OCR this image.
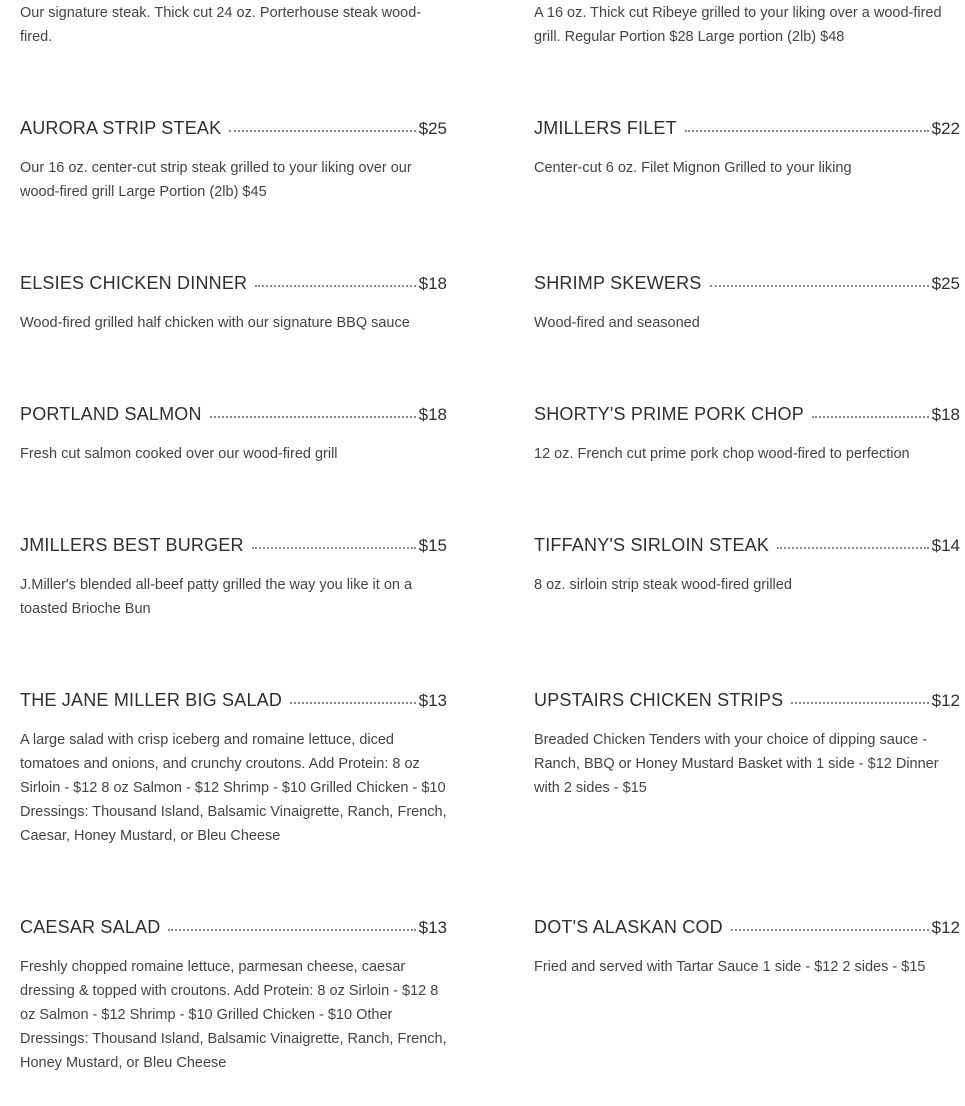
Our signature steak. Thick cut 24 oz. Porterhouse steak wood-fired.
A 16 oz. Thick cut Ribeye grilled to your liking over a wood-fired grill. Regular Portion $28 Large portion (2lb) $48
AURORA STRIP STEAK	$25
Our 16 oz. center-cut strip steak grilled to your liking over our wood-fired grill Large Portion (2lb) $45
JMILLERS FILET	$22
Center-cut 6 oz. Filet Mignon Grilled to your liking
ELSIES CHICKEN DINNER	$18
Wood-fired grilled half chicken with our signature BBQ sauce
SHRIMP SKEWERS	$25
Wood-fired and seasoned
PORTLAND SALMON	$18
Fresh cut salmon cooked over our wood-fired grill
SHORTY'S PRIME PORK CHOP	$18
12 oz. French cut prime pork chop wood-fired to perfection
JMILLERS BEST BURGER	$15
J.Miller's blended all-beef patty grilled the way you like it on a toasted Brioche Bun
TIFFANY'S SIRLOIN STEAK	$14
8 oz. sirloin strip steak wood-fired grilled
THE JANE MILLER BIG SALAD	$13
A large salad with crisp iceberg and romaine lettuce, diced tomatoes and onions, and crunchy croutons. Add Protein: 8 oz Sirloin - $12 8 oz Salmon - $12 Shrimp - $10 Grilled Chicken - $10 Dressings: Thousand Island, Balsamic Vinaigrette, Ranch, French, Caesar, Honey Mustard, or Bleu Cheese
UPSTAIRS CHICKEN STRIPS	$12
Breaded Chicken Tenders with your choice of dipping sauce - Ranch, BBQ or Honey Mustard Basket with 1 side - $12 Dinner with 2 sides - $15
CAESAR SALAD	$13
Freshly chopped romaine lettuce, parmesan cheese, caesar dressing & topped with croutons. Add Protein: 8 oz Sirloin - $12 8 oz Salmon - $12 Shrimp - $10 Grilled Chicken - $10 Other Dressings: Thousand Island, Balsamic Vinaigrette, Ranch, French, Honey Mustard, or Bleu Cheese
DOT'S ALASKAN COD	$12
Fried and served with Tartar Sauce 1 side - $12 2 sides - $15
